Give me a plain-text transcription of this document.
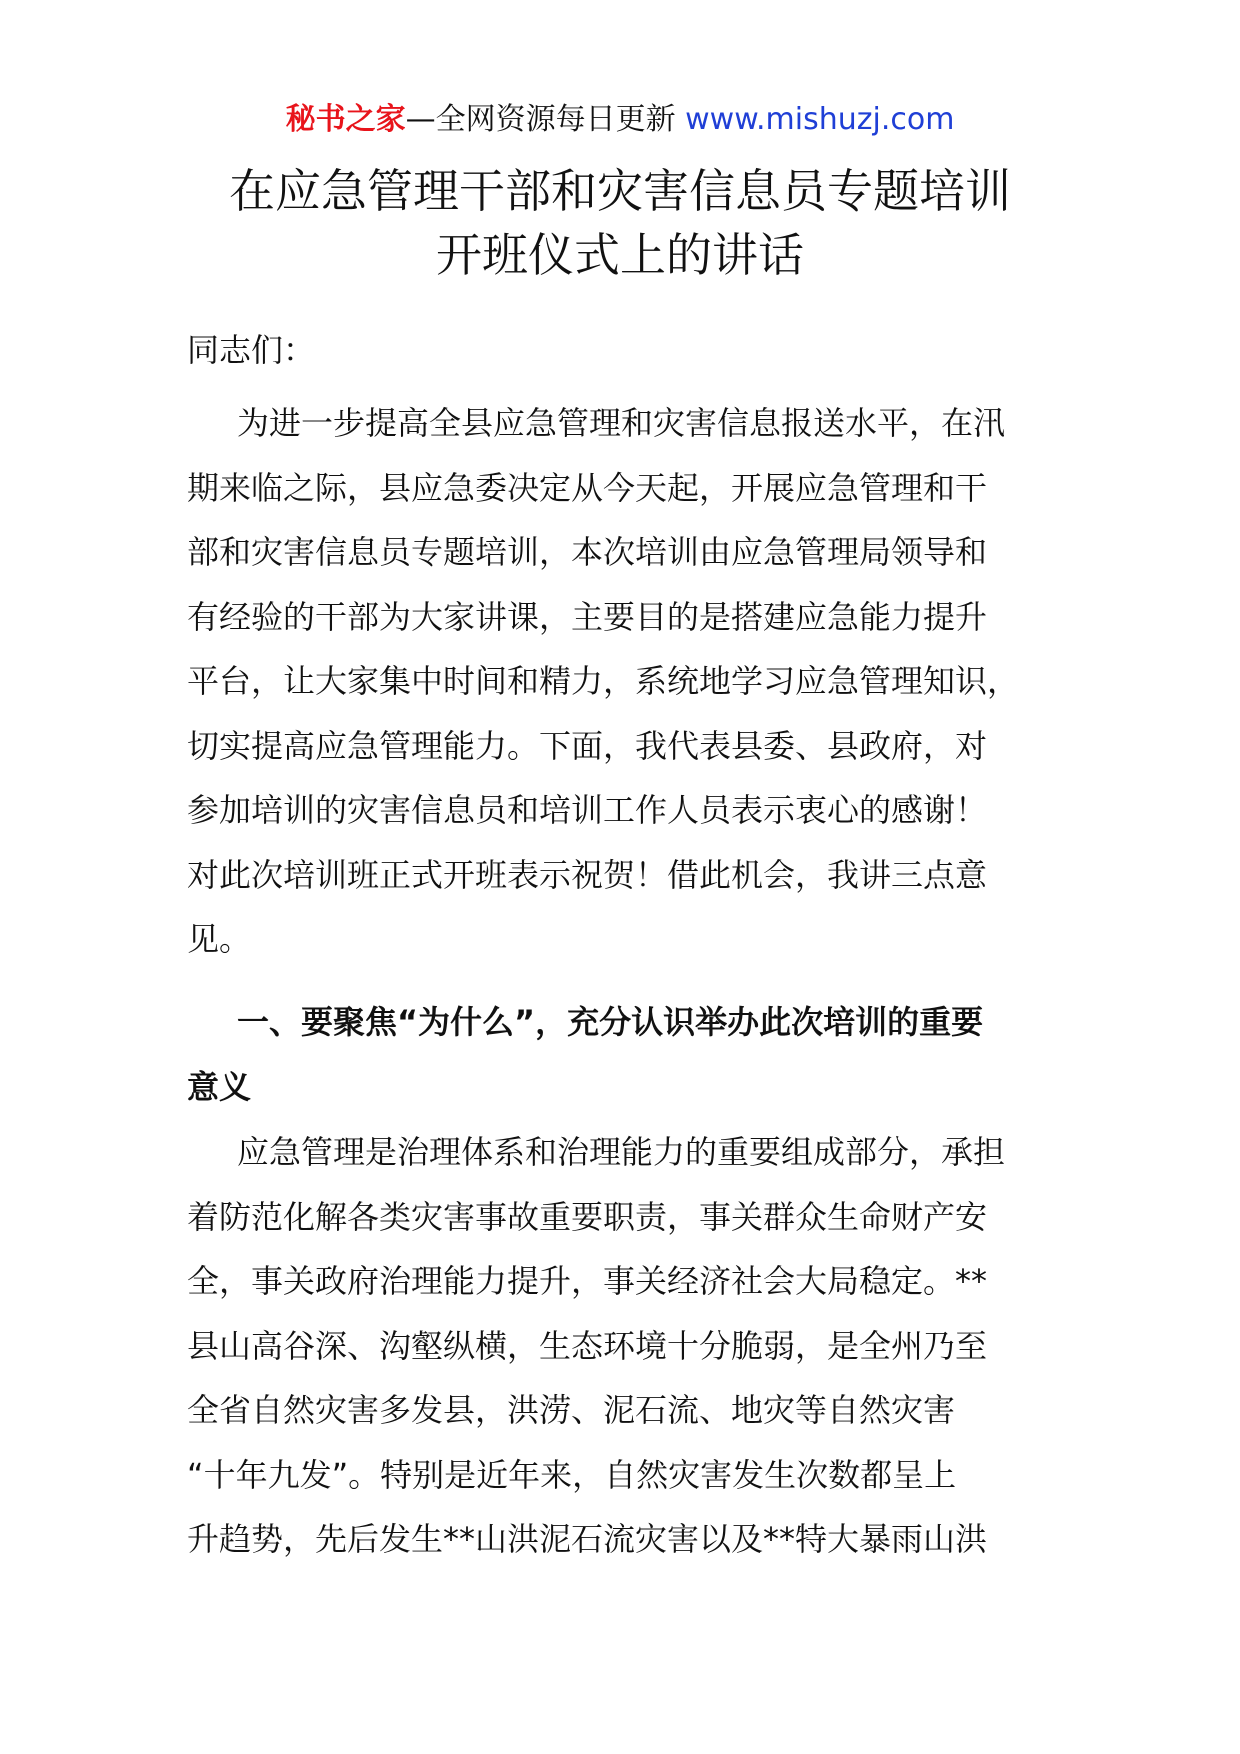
秘书之家—全网资源每日更新 www.mishuzj.com
在应急管理干部和灾害信息员专题培训
开班仪式上的讲话
同志们：
为进一步提高全县应急管理和灾害信息报送水平，在汛
期来临之际，县应急委决定从今天起，开展应急管理和干
部和灾害信息员专题培训，本次培训由应急管理局领导和
有经验的干部为大家讲课，主要目的是搭建应急能力提升
平台，让大家集中时间和精力，系统地学习应急管理知识，
切实提高应急管理能力。下面，我代表县委、县政府，对
参加培训的灾害信息员和培训工作人员表示衷心的感谢！
对此次培训班正式开班表示祝贺！借此机会，我讲三点意
见。
一、要聚焦“为什么”，充分认识举办此次培训的重要
意义
应急管理是治理体系和治理能力的重要组成部分，承担
着防范化解各类灾害事故重要职责，事关群众生命财产安
全，事关政府治理能力提升，事关经济社会大局稳定。**
县山高谷深、沟壑纵横，生态环境十分脆弱，是全州乃至
全省自然灾害多发县，洪涝、泥石流、地灾等自然灾害
“十年九发”。特别是近年来，自然灾害发生次数都呈上
升趋势，先后发生**山洪泥石流灾害以及**特大暴雨山洪
